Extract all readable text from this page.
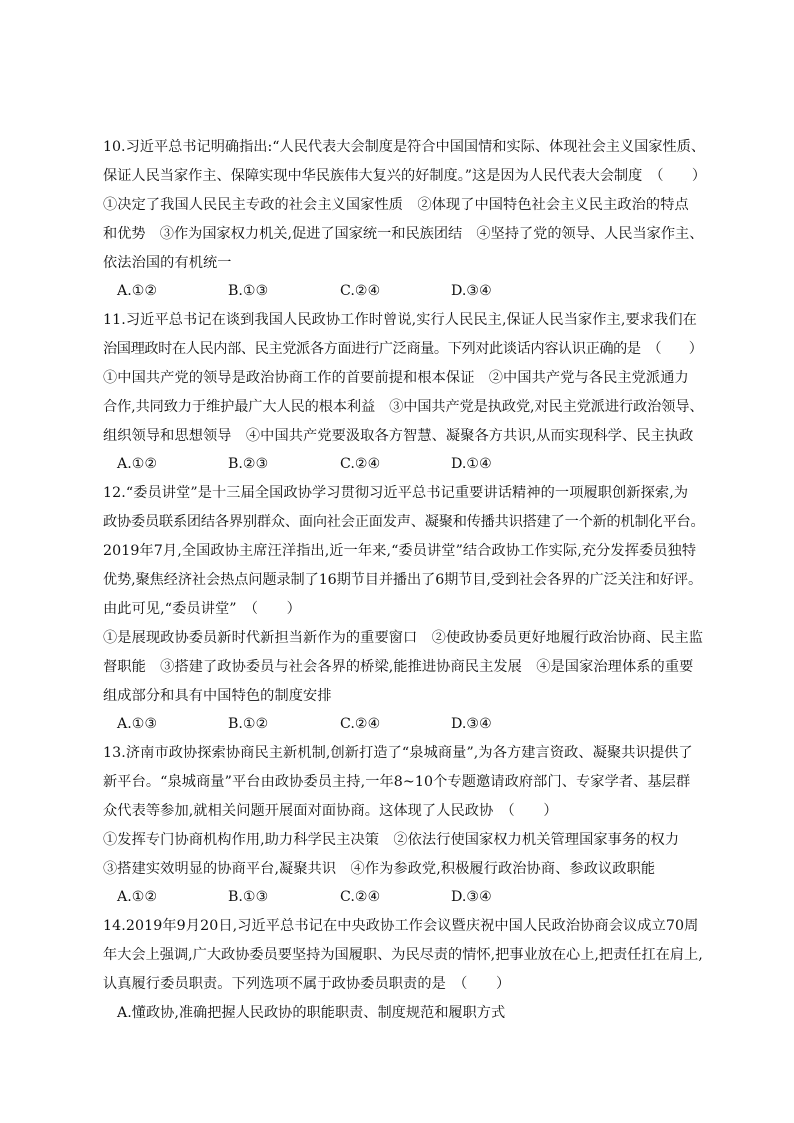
10.习近平总书记明确指出:“人民代表大会制度是符合中国国情和实际、体现社会主义国家性质、
保证人民当家作主、保障实现中华民族伟大复兴的好制度。”这是因为人民代表大会制度　（　　）
①决定了我国人民民主专政的社会主义国家性质　②体现了中国特色社会主义民主政治的特点
和优势　③作为国家权力机关,促进了国家统一和民族团结　④坚持了党的领导、人民当家作主、
依法治国的有机统一
A.①②	B.①③	C.②④	D.③④
11.习近平总书记在谈到我国人民政协工作时曾说,实行人民民主,保证人民当家作主,要求我们在
治国理政时在人民内部、民主党派各方面进行广泛商量。下列对此谈话内容认识正确的是　（　　）
①中国共产党的领导是政治协商工作的首要前提和根本保证　②中国共产党与各民主党派通力
合作,共同致力于维护最广大人民的根本利益　③中国共产党是执政党,对民主党派进行政治领导、
组织领导和思想领导　④中国共产党要汲取各方智慧、凝聚各方共识,从而实现科学、民主执政
A.①②	B.②③	C.②④	D.①④
12.“委员讲堂”是十三届全国政协学习贯彻习近平总书记重要讲话精神的一项履职创新探索,为
政协委员联系团结各界别群众、面向社会正面发声、凝聚和传播共识搭建了一个新的机制化平台。
2019年7月,全国政协主席汪洋指出,近一年来,“委员讲堂”结合政协工作实际,充分发挥委员独特
优势,聚焦经济社会热点问题录制了16期节目并播出了6期节目,受到社会各界的广泛关注和好评。
由此可见,“委员讲堂”　（　　）
①是展现政协委员新时代新担当新作为的重要窗口　②使政协委员更好地履行政治协商、民主监
督职能　③搭建了政协委员与社会各界的桥梁,能推进协商民主发展　④是国家治理体系的重要
组成部分和具有中国特色的制度安排
A.①③	B.①②	C.②④	D.③④
13.济南市政协探索协商民主新机制,创新打造了“泉城商量”,为各方建言资政、凝聚共识提供了
新平台。“泉城商量”平台由政协委员主持,一年8~10个专题邀请政府部门、专家学者、基层群
众代表等参加,就相关问题开展面对面协商。这体现了人民政协　（　　）
①发挥专门协商机构作用,助力科学民主决策　②依法行使国家权力机关管理国家事务的权力
③搭建实效明显的协商平台,凝聚共识　④作为参政党,积极履行政治协商、参政议政职能
A.①②	B.①③	C.②④	D.③④
14.2019年9月20日,习近平总书记在中央政协工作会议暨庆祝中国人民政治协商会议成立70周
年大会上强调,广大政协委员要坚持为国履职、为民尽责的情怀,把事业放在心上,把责任扛在肩上,
认真履行委员职责。下列选项不属于政协委员职责的是　（　　）
A.懂政协,准确把握人民政协的职能职责、制度规范和履职方式
